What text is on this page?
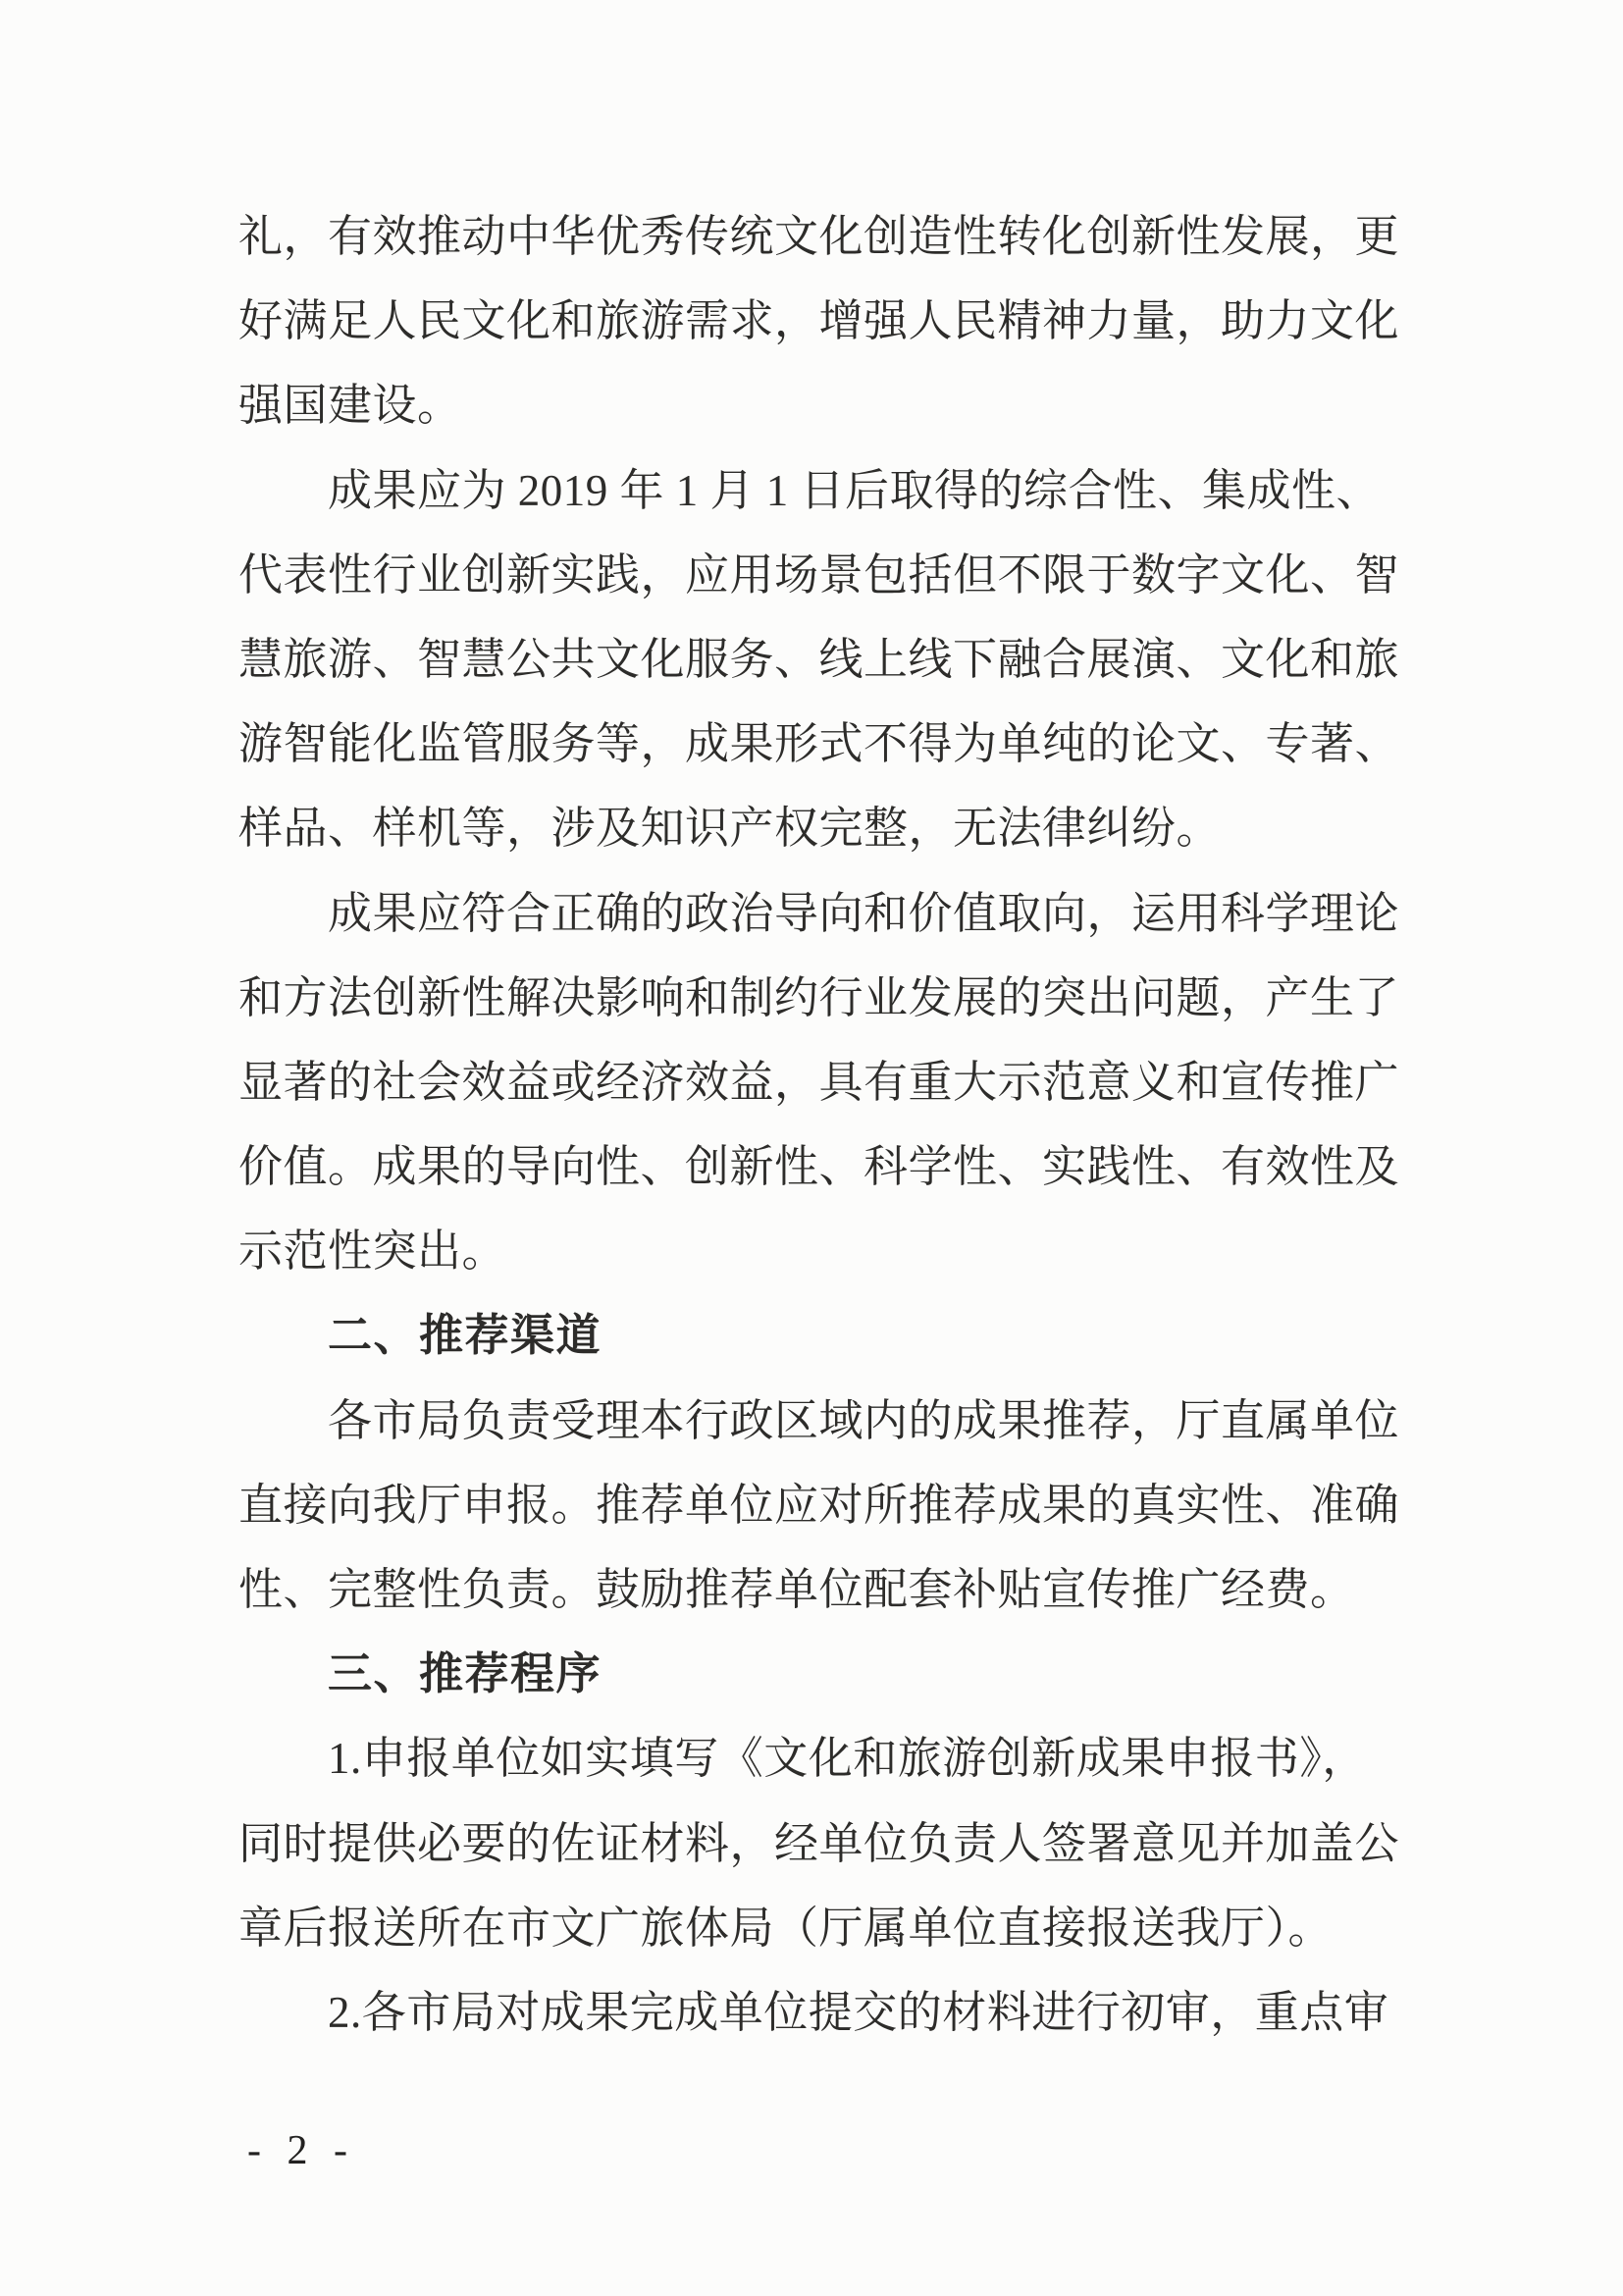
礼，有效推动中华优秀传统文化创造性转化创新性发展，更
好满足人民文化和旅游需求，增强人民精神力量，助力文化
强国建设。
成果应为 2019 年 1 月 1 日后取得的综合性、集成性、
代表性行业创新实践，应用场景包括但不限于数字文化、智
慧旅游、智慧公共文化服务、线上线下融合展演、文化和旅
游智能化监管服务等，成果形式不得为单纯的论文、专著、
样品、样机等，涉及知识产权完整，无法律纠纷。
成果应符合正确的政治导向和价值取向，运用科学理论
和方法创新性解决影响和制约行业发展的突出问题，产生了
显著的社会效益或经济效益，具有重大示范意义和宣传推广
价值。成果的导向性、创新性、科学性、实践性、有效性及
示范性突出。
二、推荐渠道
各市局负责受理本行政区域内的成果推荐，厅直属单位
直接向我厅申报。推荐单位应对所推荐成果的真实性、准确
性、完整性负责。鼓励推荐单位配套补贴宣传推广经费。
三、推荐程序
1.申报单位如实填写《文化和旅游创新成果申报书》，
同时提供必要的佐证材料，经单位负责人签署意见并加盖公
章后报送所在市文广旅体局（厅属单位直接报送我厅）。
2.各市局对成果完成单位提交的材料进行初审，重点审
- 2 -
